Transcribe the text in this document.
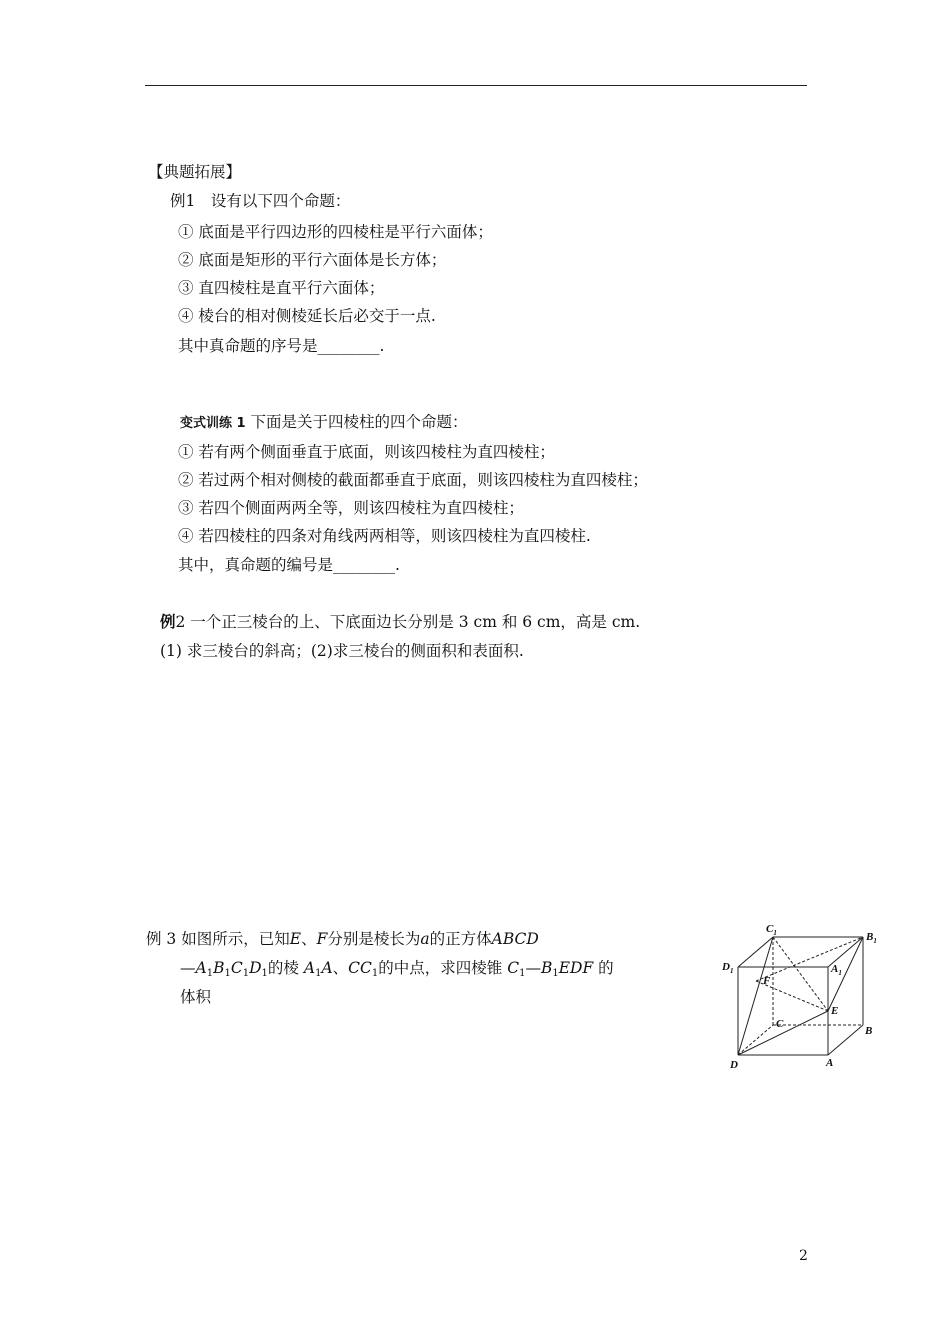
【典题拓展】
例1　设有以下四个命题：
① 底面是平行四边形的四棱柱是平行六面体；
② 底面是矩形的平行六面体是长方体；
③ 直四棱柱是直平行六面体；
④ 棱台的相对侧棱延长后必交于一点.
其中真命题的序号是________.
变式训练 1 下面是关于四棱柱的四个命题：
① 若有两个侧面垂直于底面，则该四棱柱为直四棱柱；
② 若过两个相对侧棱的截面都垂直于底面，则该四棱柱为直四棱柱；
③ 若四个侧面两两全等，则该四棱柱为直四棱柱；
④ 若四棱柱的四条对角线两两相等，则该四棱柱为直四棱柱.
其中，真命题的编号是________.
例2 一个正三棱台的上、下底面边长分别是 3 cm 和 6 cm，高是 cm.
(1) 求三棱台的斜高；(2)求三棱台的侧面积和表面积.
例 3 如图所示，已知E、F分别是棱长为a的正方体ABCD
$—A_1B_1C_1D_1$的棱 $A_1A$、$CC_1$的中点，求四棱锥 $C_1—B_1EDF$ 的
体积
$C_1$	$B_1$
$D_1$	$A_1$
F
E
C
B
D	A
2
